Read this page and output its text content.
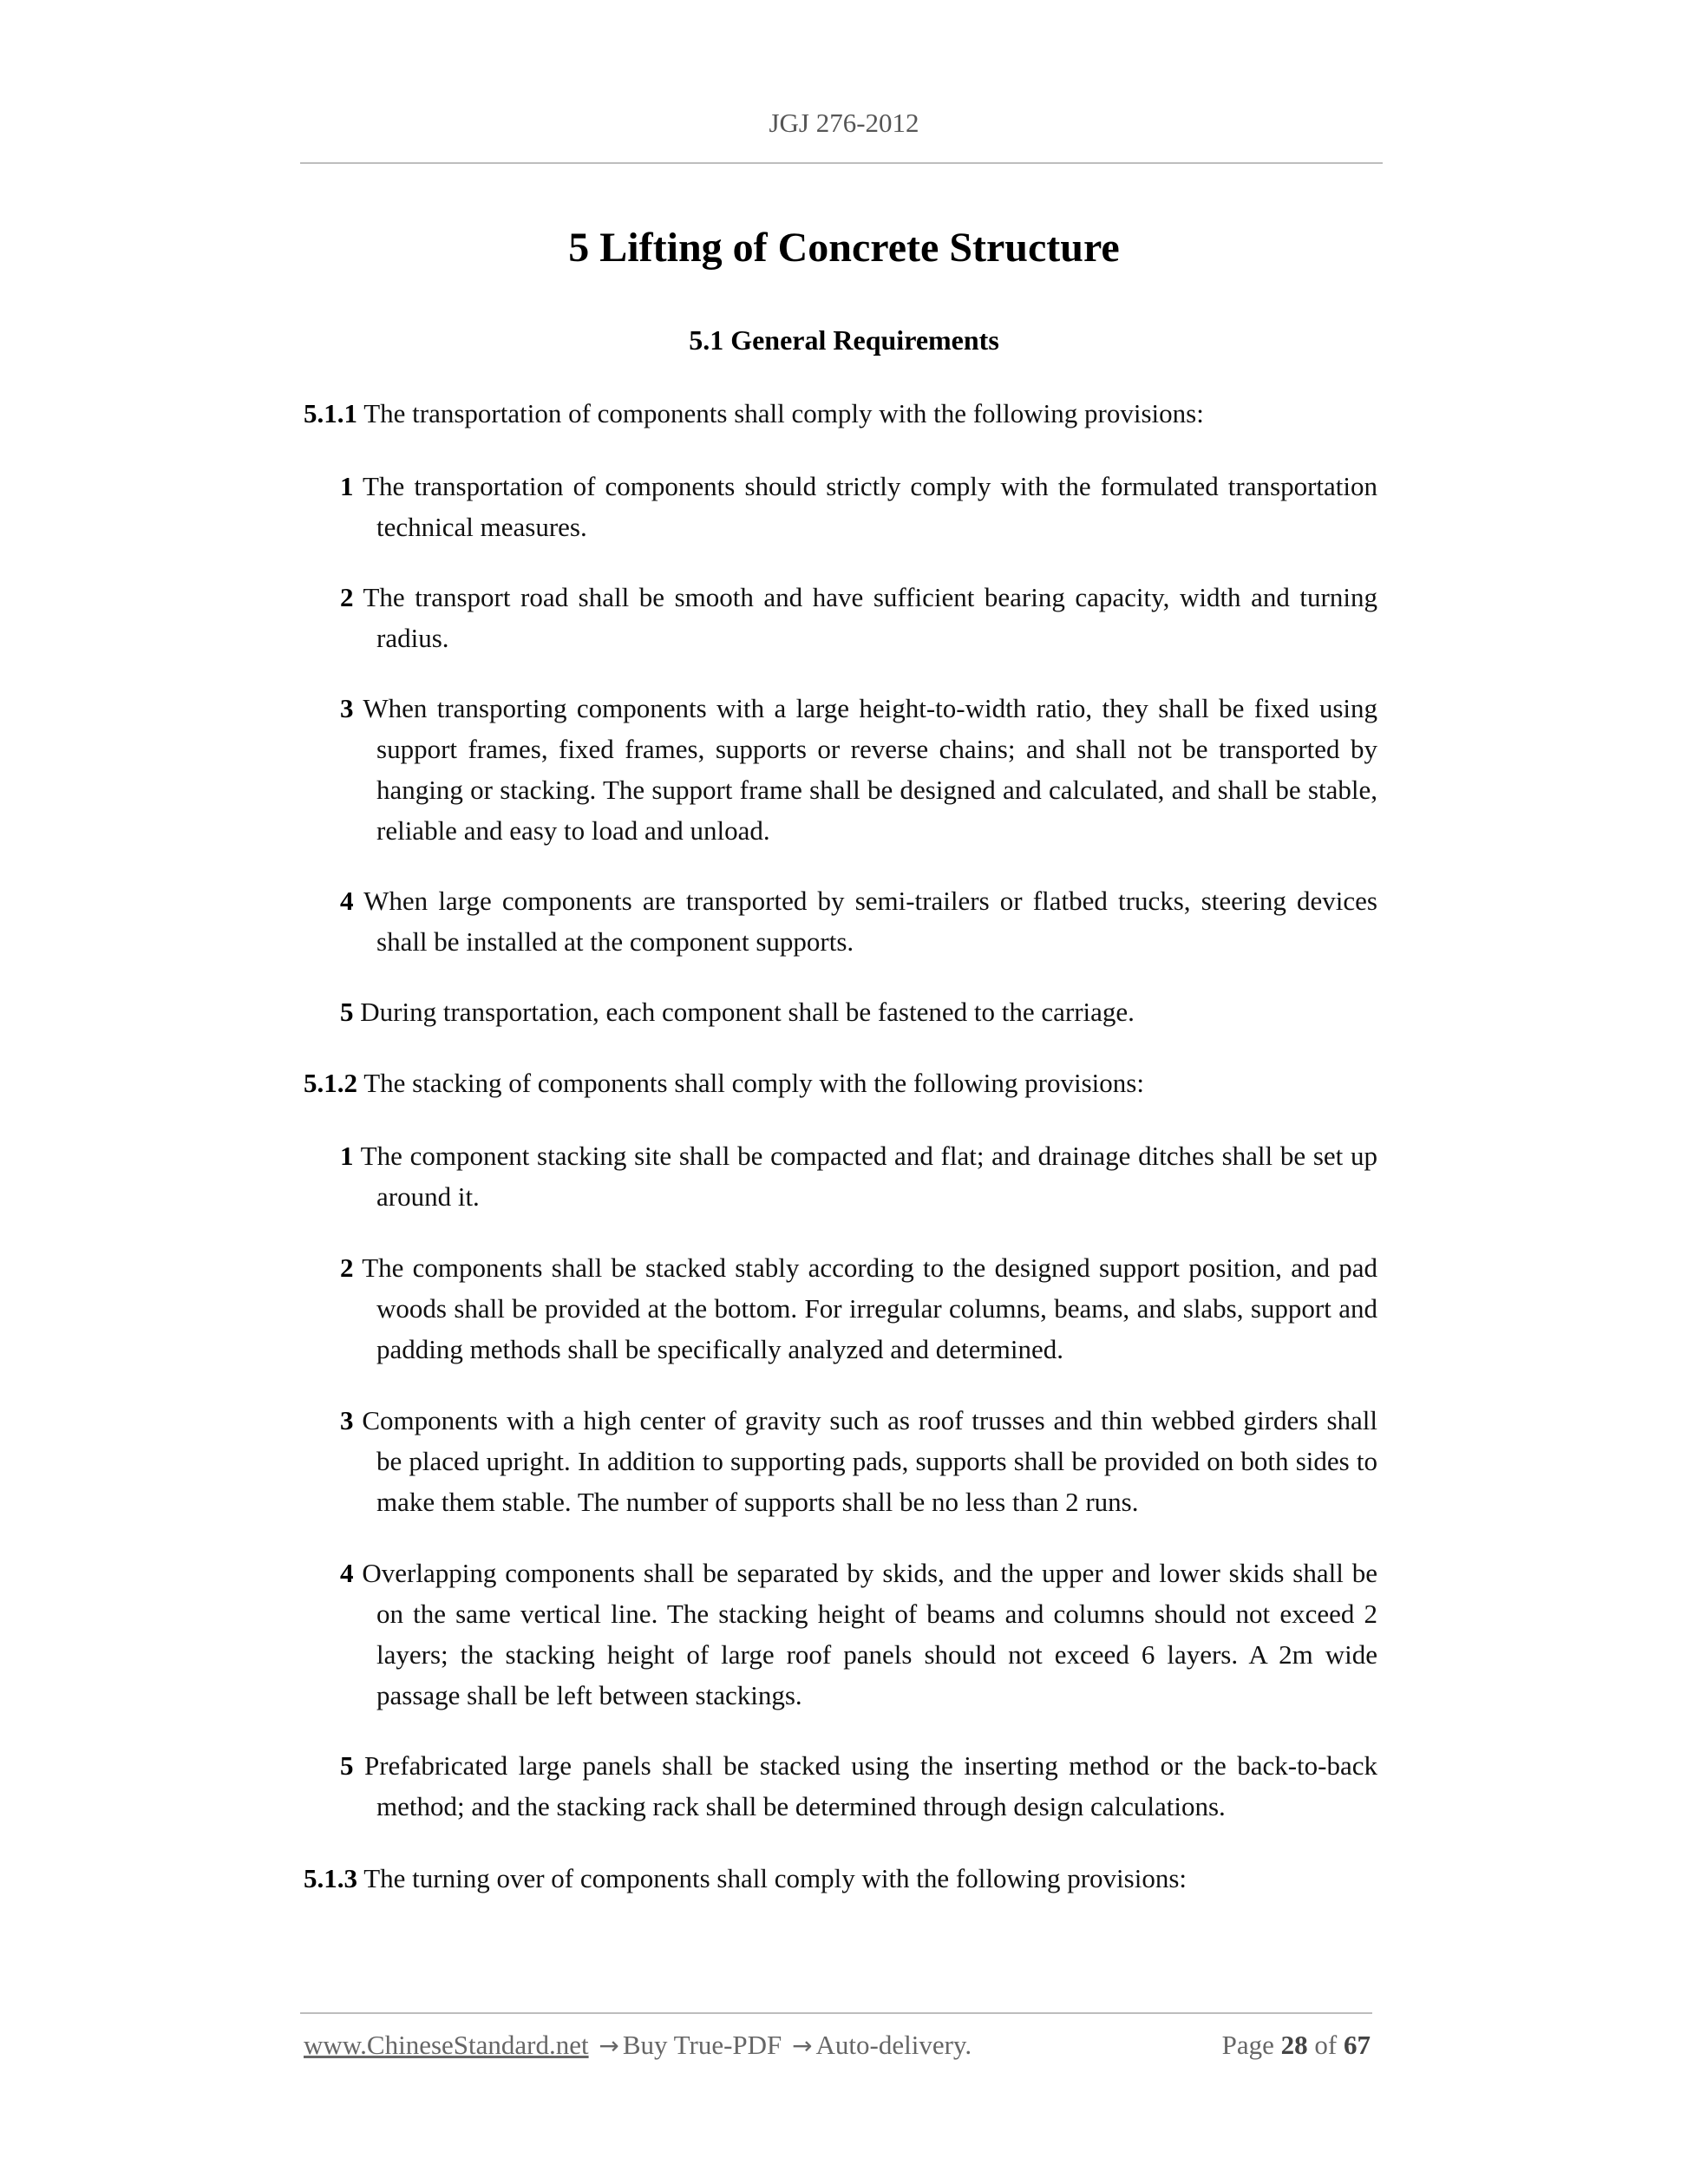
JGJ 276-2012
5 Lifting of Concrete Structure
5.1 General Requirements
5.1.1 The transportation of components shall comply with the following provisions:
1 The transportation of components should strictly comply with the formulated transportation technical measures.
2 The transport road shall be smooth and have sufficient bearing capacity, width and turning radius.
3 When transporting components with a large height-to-width ratio, they shall be fixed using support frames, fixed frames, supports or reverse chains; and shall not be transported by hanging or stacking. The support frame shall be designed and calculated, and shall be stable, reliable and easy to load and unload.
4 When large components are transported by semi-trailers or flatbed trucks, steering devices shall be installed at the component supports.
5 During transportation, each component shall be fastened to the carriage.
5.1.2 The stacking of components shall comply with the following provisions:
1 The component stacking site shall be compacted and flat; and drainage ditches shall be set up around it.
2 The components shall be stacked stably according to the designed support position, and pad woods shall be provided at the bottom. For irregular columns, beams, and slabs, support and padding methods shall be specifically analyzed and determined.
3 Components with a high center of gravity such as roof trusses and thin webbed girders shall be placed upright. In addition to supporting pads, supports shall be provided on both sides to make them stable. The number of supports shall be no less than 2 runs.
4 Overlapping components shall be separated by skids, and the upper and lower skids shall be on the same vertical line. The stacking height of beams and columns should not exceed 2 layers; the stacking height of large roof panels should not exceed 6 layers. A 2m wide passage shall be left between stackings.
5 Prefabricated large panels shall be stacked using the inserting method or the back-to-back method; and the stacking rack shall be determined through design calculations.
5.1.3 The turning over of components shall comply with the following provisions:
www.ChineseStandard.net → Buy True-PDF → Auto-delivery.	Page 28 of 67
